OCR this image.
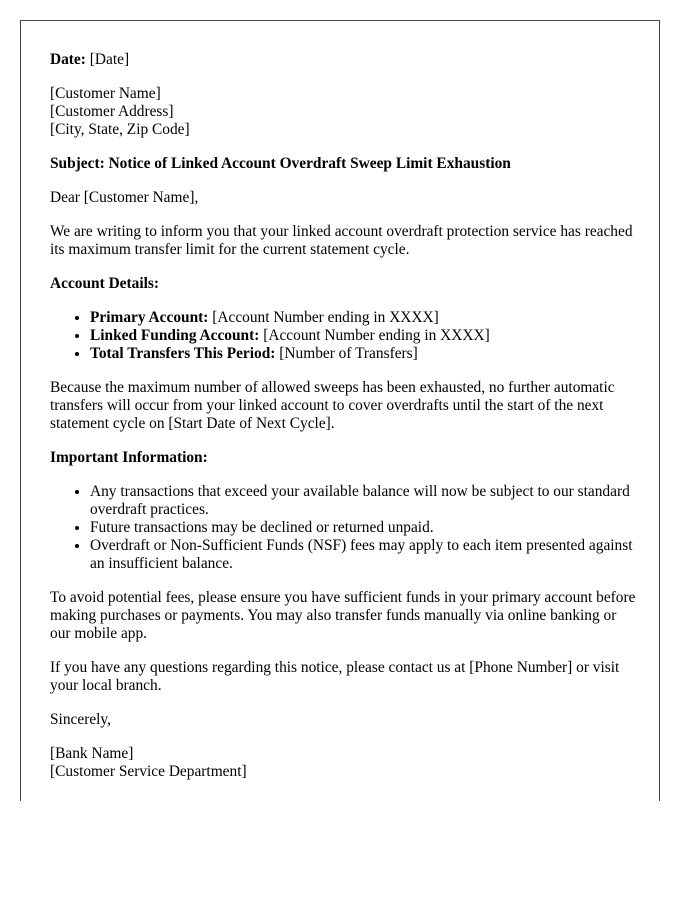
Date: [Date]

[Customer Name]
[Customer Address]
[City, State, Zip Code]

Subject: Notice of Linked Account Overdraft Sweep Limit Exhaustion

Dear [Customer Name],

We are writing to inform you that your linked account overdraft protection service has reached its maximum transfer limit for the current statement cycle.

Account Details:

• Primary Account: [Account Number ending in XXXX]
• Linked Funding Account: [Account Number ending in XXXX]
• Total Transfers This Period: [Number of Transfers]

Because the maximum number of allowed sweeps has been exhausted, no further automatic transfers will occur from your linked account to cover overdrafts until the start of the next statement cycle on [Start Date of Next Cycle].

Important Information:

• Any transactions that exceed your available balance will now be subject to our standard overdraft practices.
• Future transactions may be declined or returned unpaid.
• Overdraft or Non-Sufficient Funds (NSF) fees may apply to each item presented against an insufficient balance.

To avoid potential fees, please ensure you have sufficient funds in your primary account before making purchases or payments. You may also transfer funds manually via online banking or our mobile app.

If you have any questions regarding this notice, please contact us at [Phone Number] or visit your local branch.

Sincerely,

[Bank Name]
[Customer Service Department]
